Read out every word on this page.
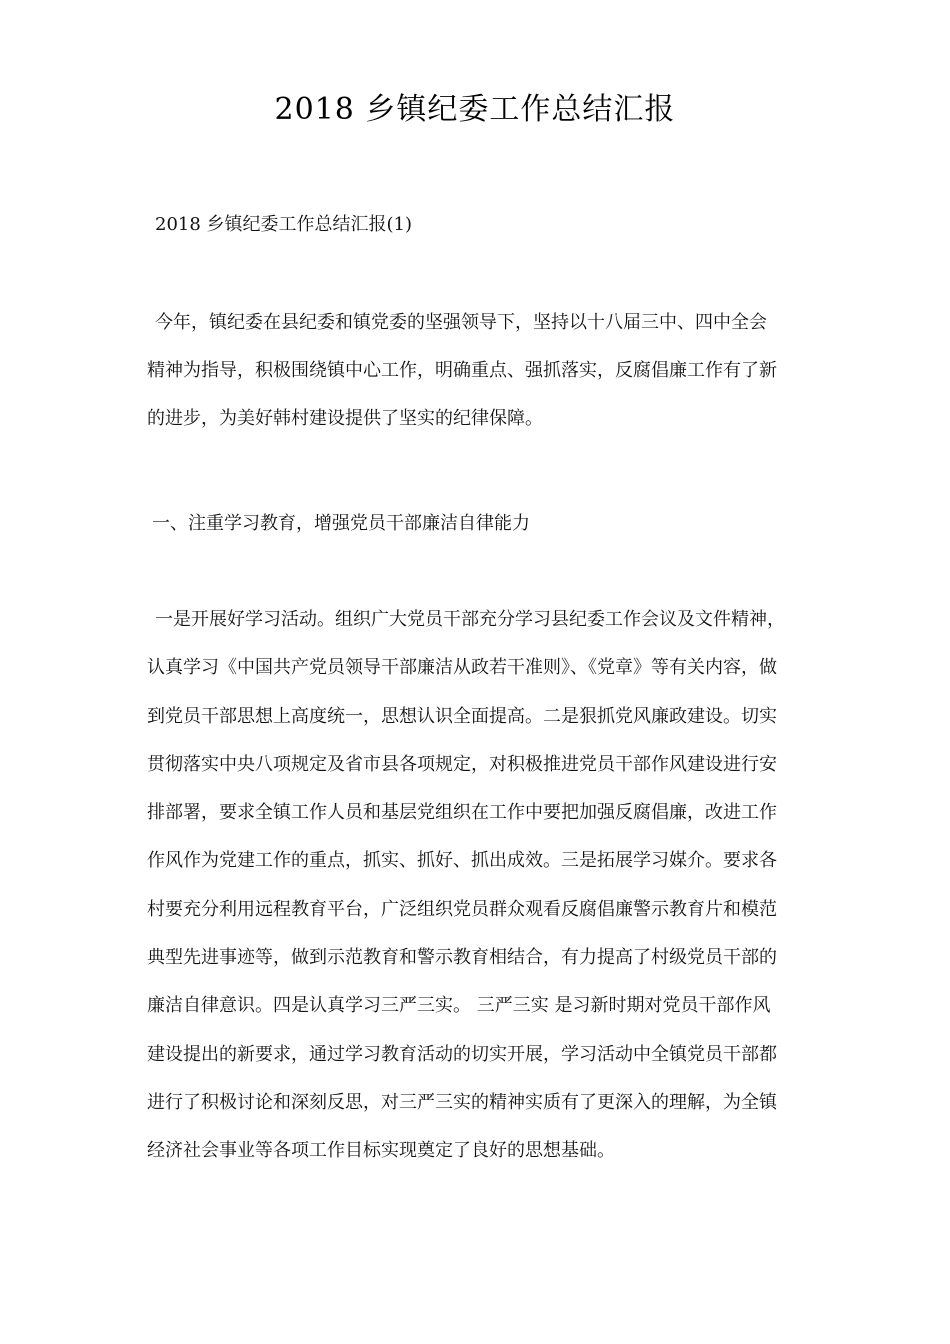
2018 乡镇纪委工作总结汇报

2018 乡镇纪委工作总结汇报(1)

今年，镇纪委在县纪委和镇党委的坚强领导下，坚持以十八届三中、四中全会

精神为指导，积极围绕镇中心工作，明确重点、强抓落实，反腐倡廉工作有了新

的进步，为美好韩村建设提供了坚实的纪律保障。

一、注重学习教育，增强党员干部廉洁自律能力

一是开展好学习活动。组织广大党员干部充分学习县纪委工作会议及文件精神，

认真学习《中国共产党员领导干部廉洁从政若干准则》、《党章》等有关内容，做

到党员干部思想上高度统一，思想认识全面提高。二是狠抓党风廉政建设。切实

贯彻落实中央八项规定及省市县各项规定，对积极推进党员干部作风建设进行安

排部署，要求全镇工作人员和基层党组织在工作中要把加强反腐倡廉，改进工作

作风作为党建工作的重点，抓实、抓好、抓出成效。三是拓展学习媒介。要求各

村要充分利用远程教育平台，广泛组织党员群众观看反腐倡廉警示教育片和模范

典型先进事迹等，做到示范教育和警示教育相结合，有力提高了村级党员干部的

廉洁自律意识。四是认真学习三严三实。 三严三实 是习新时期对党员干部作风

建设提出的新要求，通过学习教育活动的切实开展，学习活动中全镇党员干部都

进行了积极讨论和深刻反思，对三严三实的精神实质有了更深入的理解，为全镇

经济社会事业等各项工作目标实现奠定了良好的思想基础。
